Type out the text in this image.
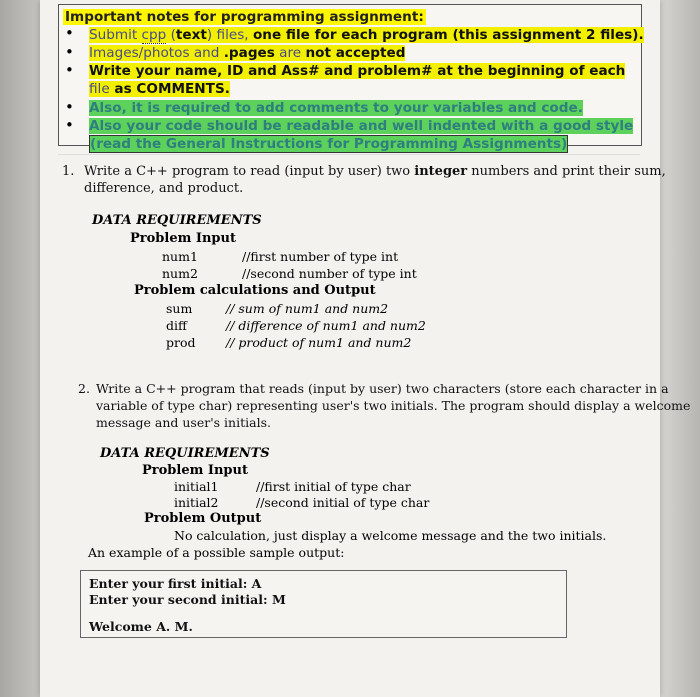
Important notes for programming assignment:
• Submit cpp (text) files, one file for each program (this assignment 2 files).
• Images/photos and .pages are not accepted
• Write your name, ID and Ass# and problem# at the beginning of each
file as COMMENTS.
• Also, it is required to add comments to your variables and code.
• Also your code should be readable and well indented with a good style
(read the General Instructions for Programming Assignments)
1. Write a C++ program to read (input by user) two integer numbers and print their sum,
difference, and product.
DATA REQUIREMENTS
Problem Input
num1	//first number of type int
num2	//second number of type int
Problem calculations and Output
sum	// sum of num1 and num2
diff	// difference of num1 and num2
prod // product of num1 and num2
2. Write a C++ program that reads (input by user) two characters (store each character in a
variable of type char) representing user's two initials. The program should display a welcome
message and user's initials.
DATA REQUIREMENTS
Problem Input
initial1	//first initial of type char
initial2	//second initial of type char
Problem Output
No calculation, just display a welcome message and the two initials.
An example of a possible sample output:
Enter your first initial: A
Enter your second initial: M
Welcome A. M.
